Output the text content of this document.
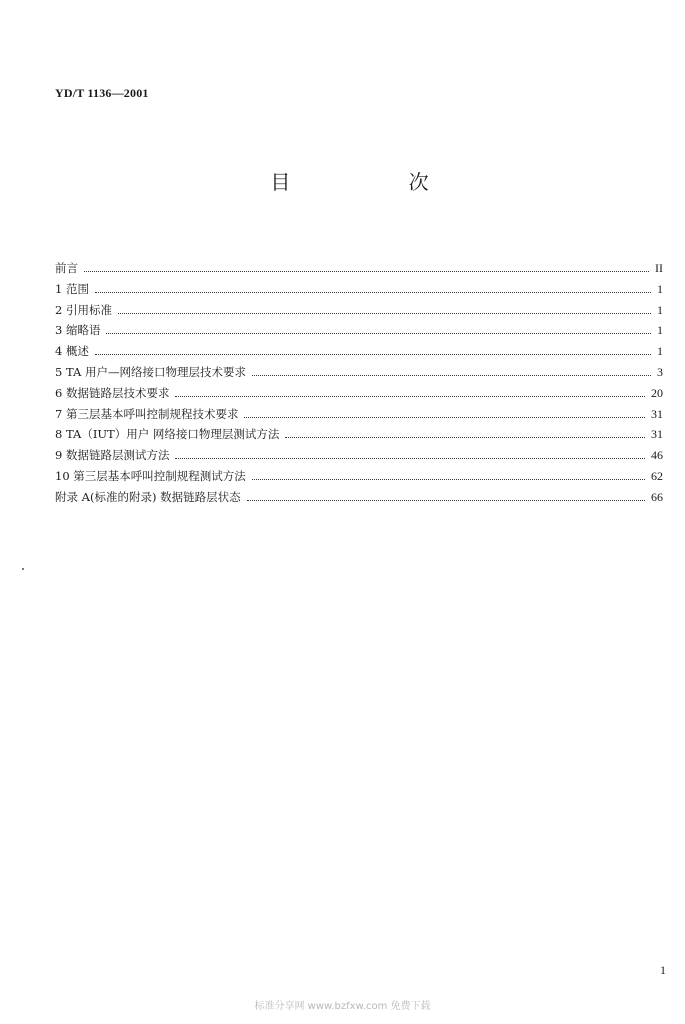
YD/T 1136—2001
目 次
前言	II
1 范围	1
2 引用标准	1
3 缩略语	1
4 概述	1
5 TA 用户—网络接口物理层技术要求	3
6 数据链路层技术要求	20
7 第三层基本呼叫控制规程技术要求	31
8 TA（IUT）用户 网络接口物理层测试方法	31
9 数据链路层测试方法	46
10 第三层基本呼叫控制规程测试方法	62
附录 A(标准的附录) 数据链路层状态	66
1
标准分享网 www.bzfxw.com 免费下载
